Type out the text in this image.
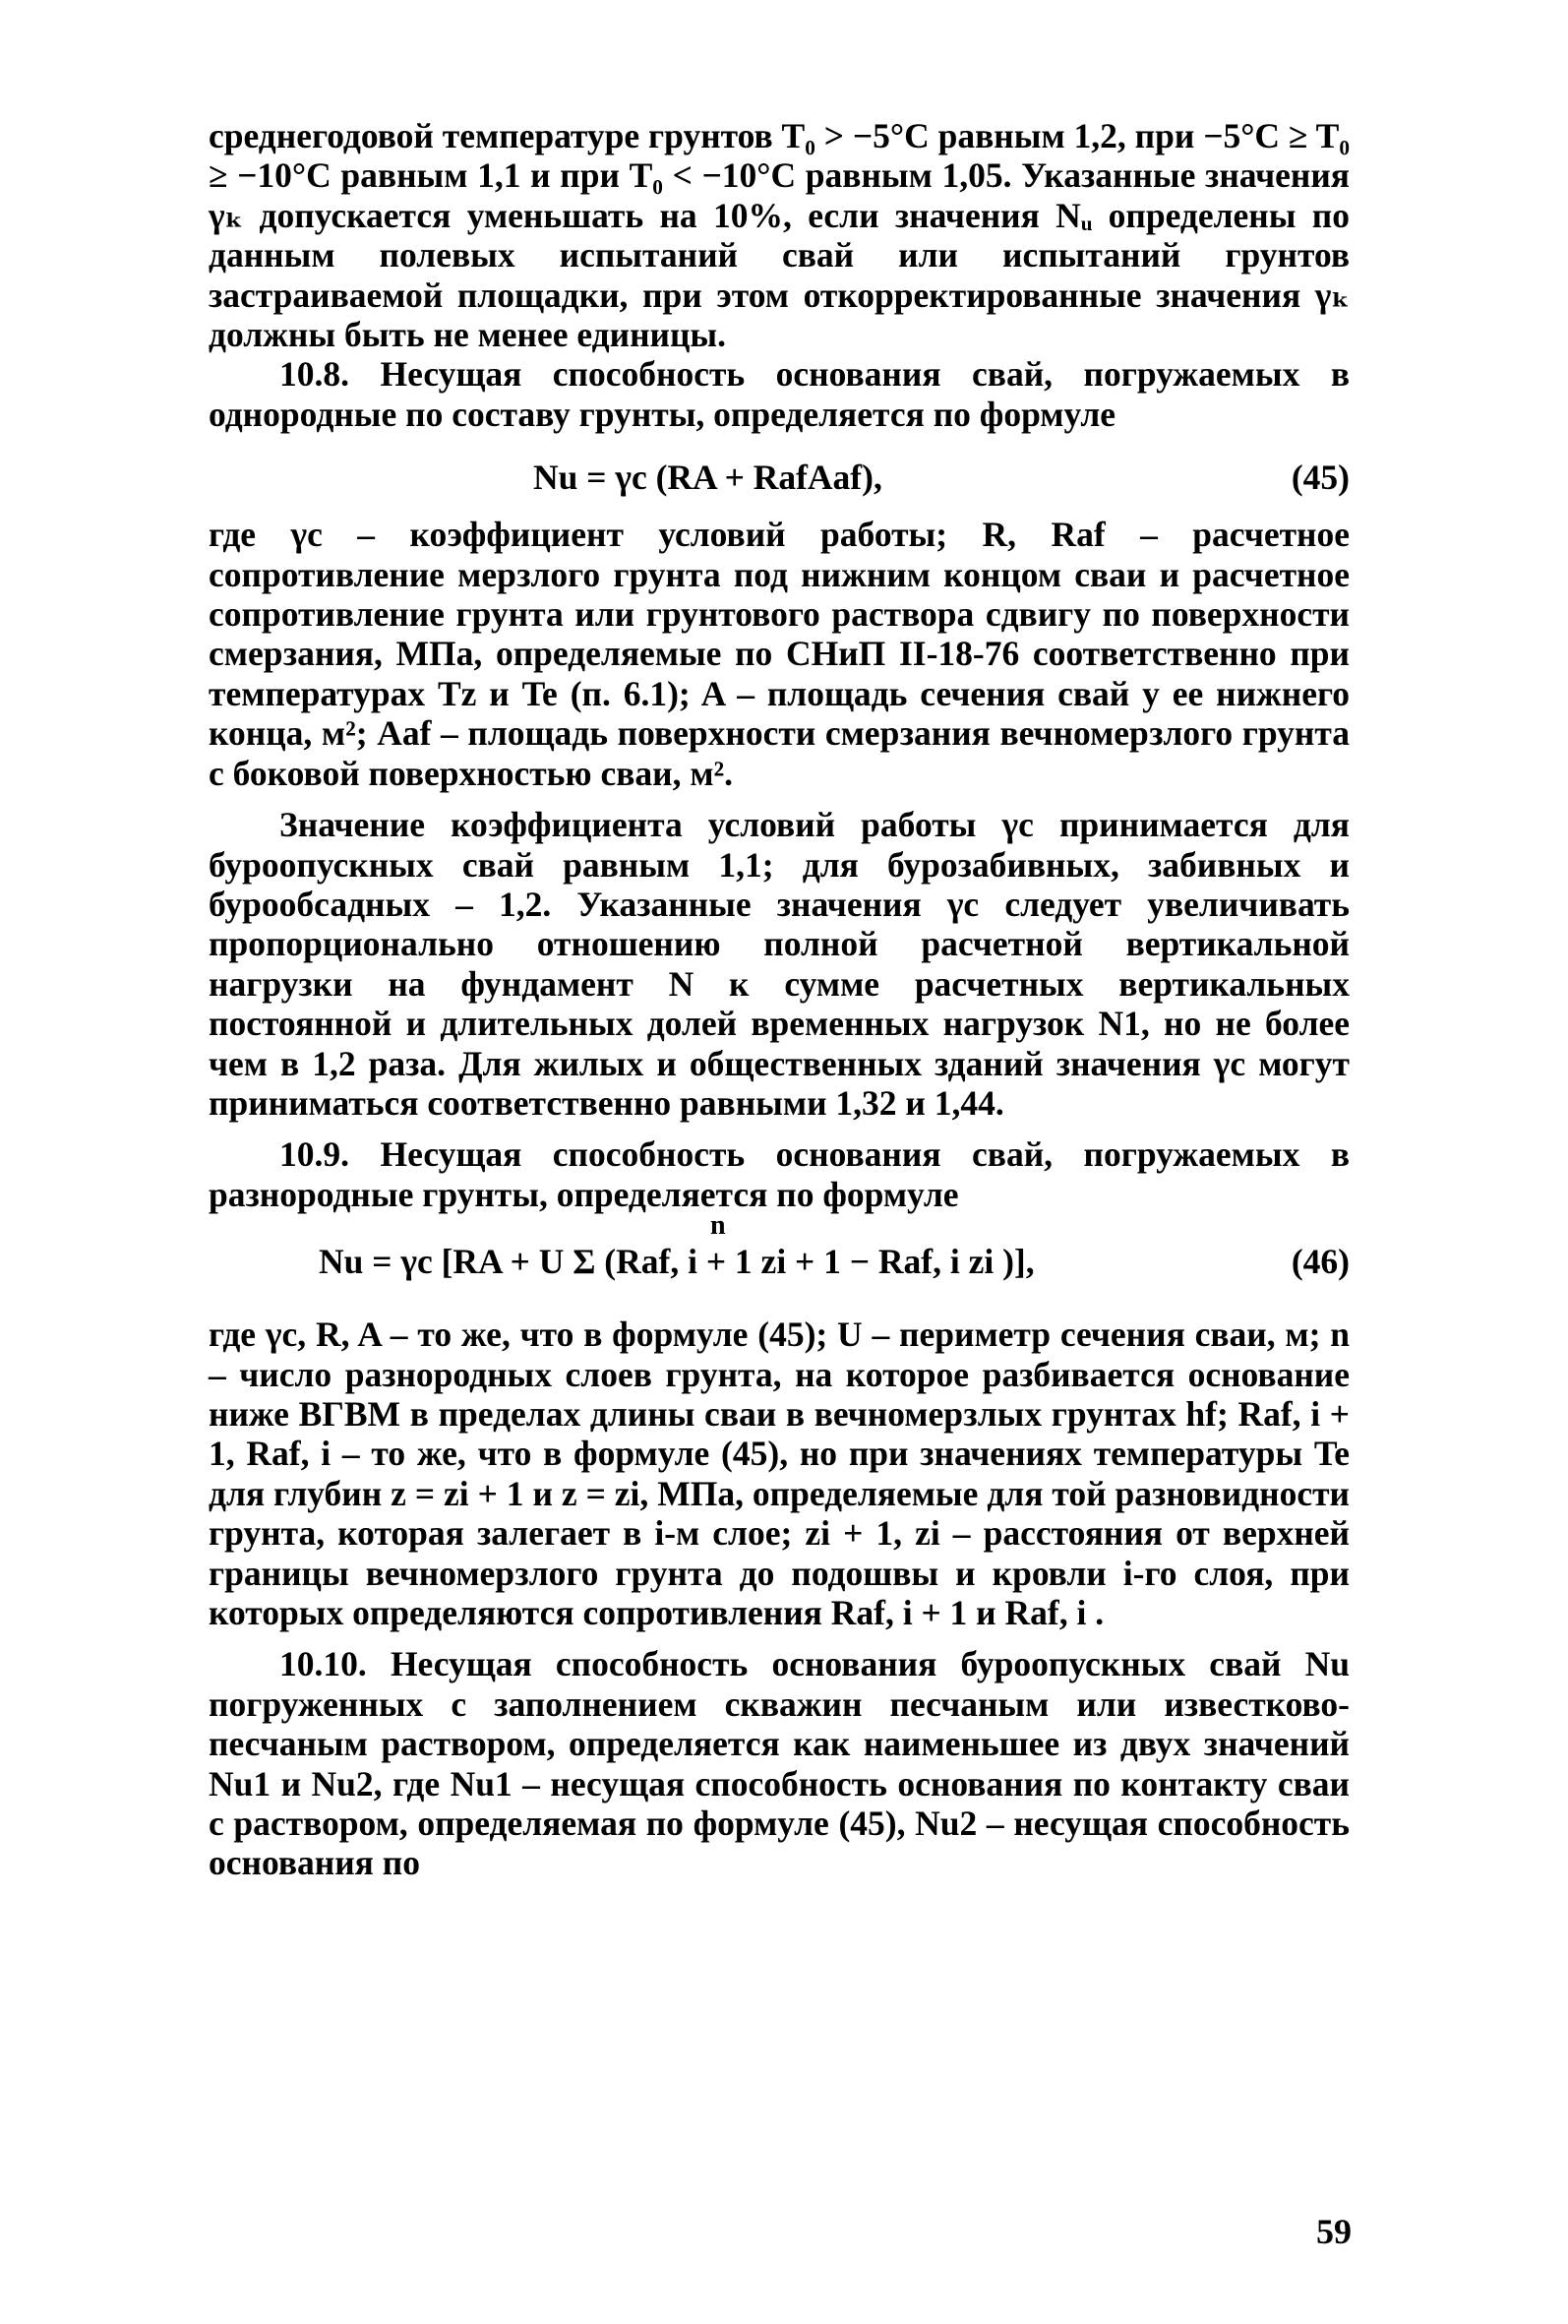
среднегодовой температуре грунтов T₀ > −5°C равным 1,2, при −5°C ≥ T₀ ≥ −10°C равным 1,1 и при T₀ < −10°C равным 1,05. Указанные значения γₖ допускается уменьшать на 10%, если значения Nᵤ определены по данным полевых испытаний свай или испытаний грунтов застраиваемой площадки, при этом откорректированные значения γₖ должны быть не менее единицы.

10.8. Несущая способность основания свай, погружаемых в однородные по составу грунты, определяется по формуле

Nu = γc (RA + RafAaf),	(45)

где γc – коэффициент условий работы; R, Raf – расчетное сопротивление мерзлого грунта под нижним концом сваи и расчетное сопротивление грунта или грунтового раствора сдвигу по поверхности смерзания, МПа, определяемые по СНиП II-18-76 соответственно при температурах Tz и Te (п. 6.1); A – площадь сечения свай у ее нижнего конца, м²; Aaf – площадь поверхности смерзания вечномерзлого грунта с боковой поверхностью сваи, м².

Значение коэффициента условий работы γc принимается для бурoопускных свай равным 1,1; для бурозабивных, забивных и бурообсадных – 1,2. Указанные значения γc следует увеличивать пропорционально отношению полной расчетной вертикальной нагрузки на фундамент N к сумме расчетных вертикальных постоянной и длительных долей временных нагрузок N1, но не более чем в 1,2 раза. Для жилых и общественных зданий значения γc могут приниматься соответственно равными 1,32 и 1,44.

10.9. Несущая способность основания свай, погружаемых в разнородные грунты, определяется по формуле

n
Nu = γc [RA + U Σ (Raf, i + 1 zi + 1 − Raf, i zi )],	(46)

где γc, R, A – то же, что в формуле (45); U – периметр сечения сваи, м; n – число разнородных слоев грунта, на которое разбивается основание ниже ВГВМ в пределах длины сваи в вечномерзлых грунтах hf; Raf, i + 1, Raf, i – то же, что в формуле (45), но при значениях температуры Te для глубин z = zi + 1 и z = zi, МПа, определяемые для той разновидности грунта, которая залегает в i-м слое; zi + 1, zi – расстояния от верхней границы вечномерзлого грунта до подошвы и кровли i-го слоя, при которых определяются сопротивления Raf, i + 1 и Raf, i .

10.10. Несущая способность основания буроопускных свай Nu погруженных с заполнением скважин песчаным или известково-песчаным раствором, определяется как наименьшее из двух значений Nu1 и Nu2, где Nu1 – несущая способность основания по контакту сваи с раствором, определяемая по формуле (45), Nu2 – несущая способность основания по

59
